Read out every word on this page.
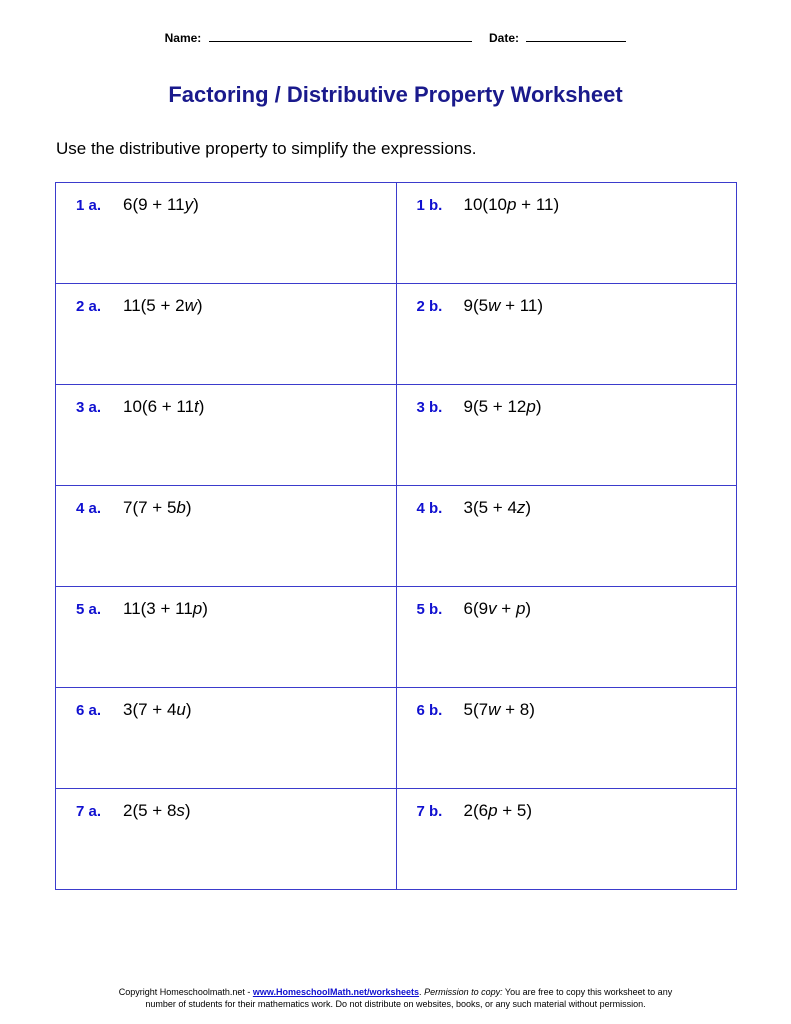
Name:	Date:
Factoring / Distributive Property Worksheet
Use the distributive property to simplify the expressions.
1 a. 6(9 + 11y)	1 b. 10(10p + 11)
2 a. 11(5 + 2w)	2 b. 9(5w + 11)
3 a. 10(6 + 11t)	3 b. 9(5 + 12p)
4 a. 7(7 + 5b)	4 b. 3(5 + 4z)
5 a. 11(3 + 11p)	5 b. 6(9v + p)
6 a. 3(7 + 4u)	6 b. 5(7w + 8)
7 a. 2(5 + 8s)	7 b. 2(6p + 5)
Copyright Homeschoolmath.net - www.HomeschoolMath.net/worksheets. Permission to copy: You are free to copy this worksheet to any
number of students for their mathematics work. Do not distribute on websites, books, or any such material without permission.
